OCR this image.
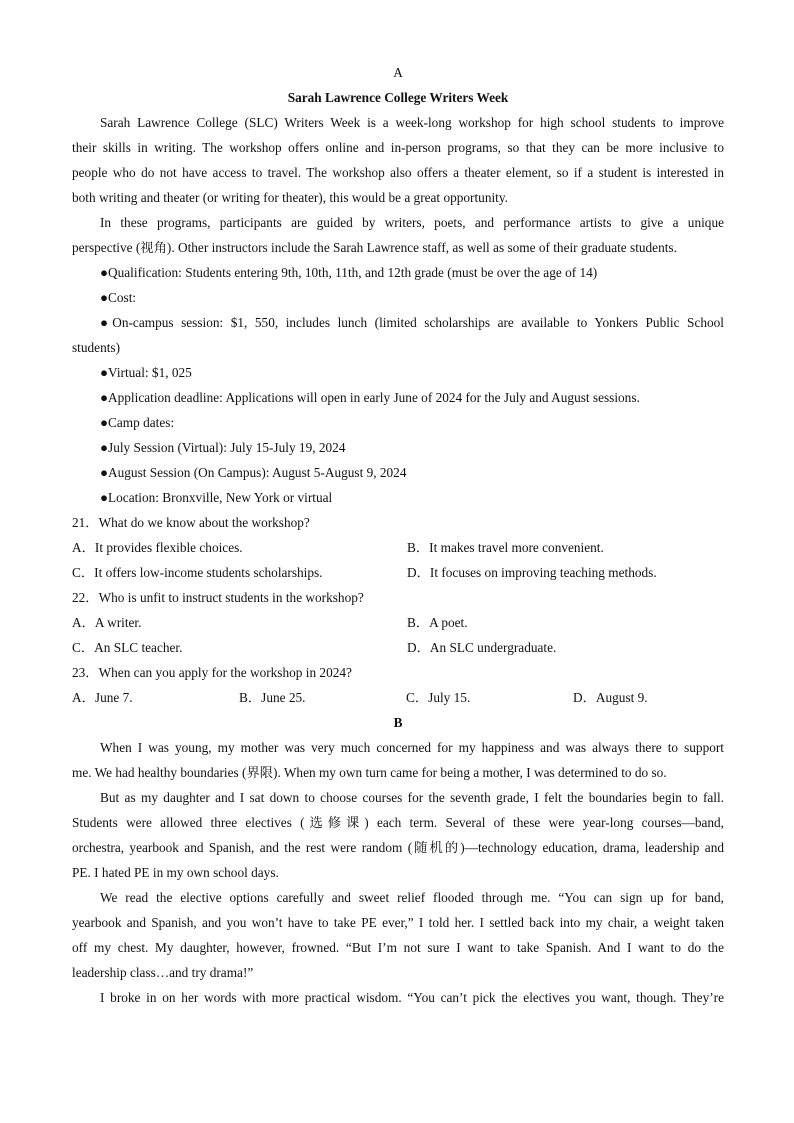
A
Sarah Lawrence College Writers Week
Sarah Lawrence College (SLC) Writers Week is a week-long workshop for high school students to improve
their skills in writing. The workshop offers online and in-person programs, so that they can be more inclusive to
people who do not have access to travel. The workshop also offers a theater element, so if a student is interested in
both writing and theater (or writing for theater), this would be a great opportunity.
In these programs, participants are guided by writers, poets, and performance artists to give a unique
perspective (视角). Other instructors include the Sarah Lawrence staff, as well as some of their graduate students.
●Qualification: Students entering 9th, 10th, 11th, and 12th grade (must be over the age of 14)
●Cost:
●On-campus session: $1, 550, includes lunch (limited scholarships are available to Yonkers Public School
students)
●Virtual: $1, 025
●Application deadline: Applications will open in early June of 2024 for the July and August sessions.
●Camp dates:
●July Session (Virtual): July 15-July 19, 2024
●August Session (On Campus): August 5-August 9, 2024
●Location: Bronxville, New York or virtual
21．What do we know about the workshop?
A．It provides flexible choices.	B．It makes travel more convenient.
C．It offers low-income students scholarships.	D．It focuses on improving teaching methods.
22．Who is unfit to instruct students in the workshop?
A．A writer.	B．A poet.
C．An SLC teacher.	D．An SLC undergraduate.
23．When can you apply for the workshop in 2024?
A．June 7.	B．June 25.	C．July 15.	D．August 9.
B
When I was young, my mother was very much concerned for my happiness and was always there to support
me. We had healthy boundaries (界限). When my own turn came for being a mother, I was determined to do so.
But as my daughter and I sat down to choose courses for the seventh grade, I felt the boundaries begin to fall.
Students were allowed three electives (选修课) each term. Several of these were year-long courses—band,
orchestra, yearbook and Spanish, and the rest were random (随机的)—technology education, drama, leadership and
PE. I hated PE in my own school days.
We read the elective options carefully and sweet relief flooded through me. “You can sign up for band,
yearbook and Spanish, and you won’t have to take PE ever,” I told her. I settled back into my chair, a weight taken
off my chest. My daughter, however, frowned. “But I’m not sure I want to take Spanish. And I want to do the
leadership class…and try drama!”
I broke in on her words with more practical wisdom. “You can’t pick the electives you want, though. They’re
